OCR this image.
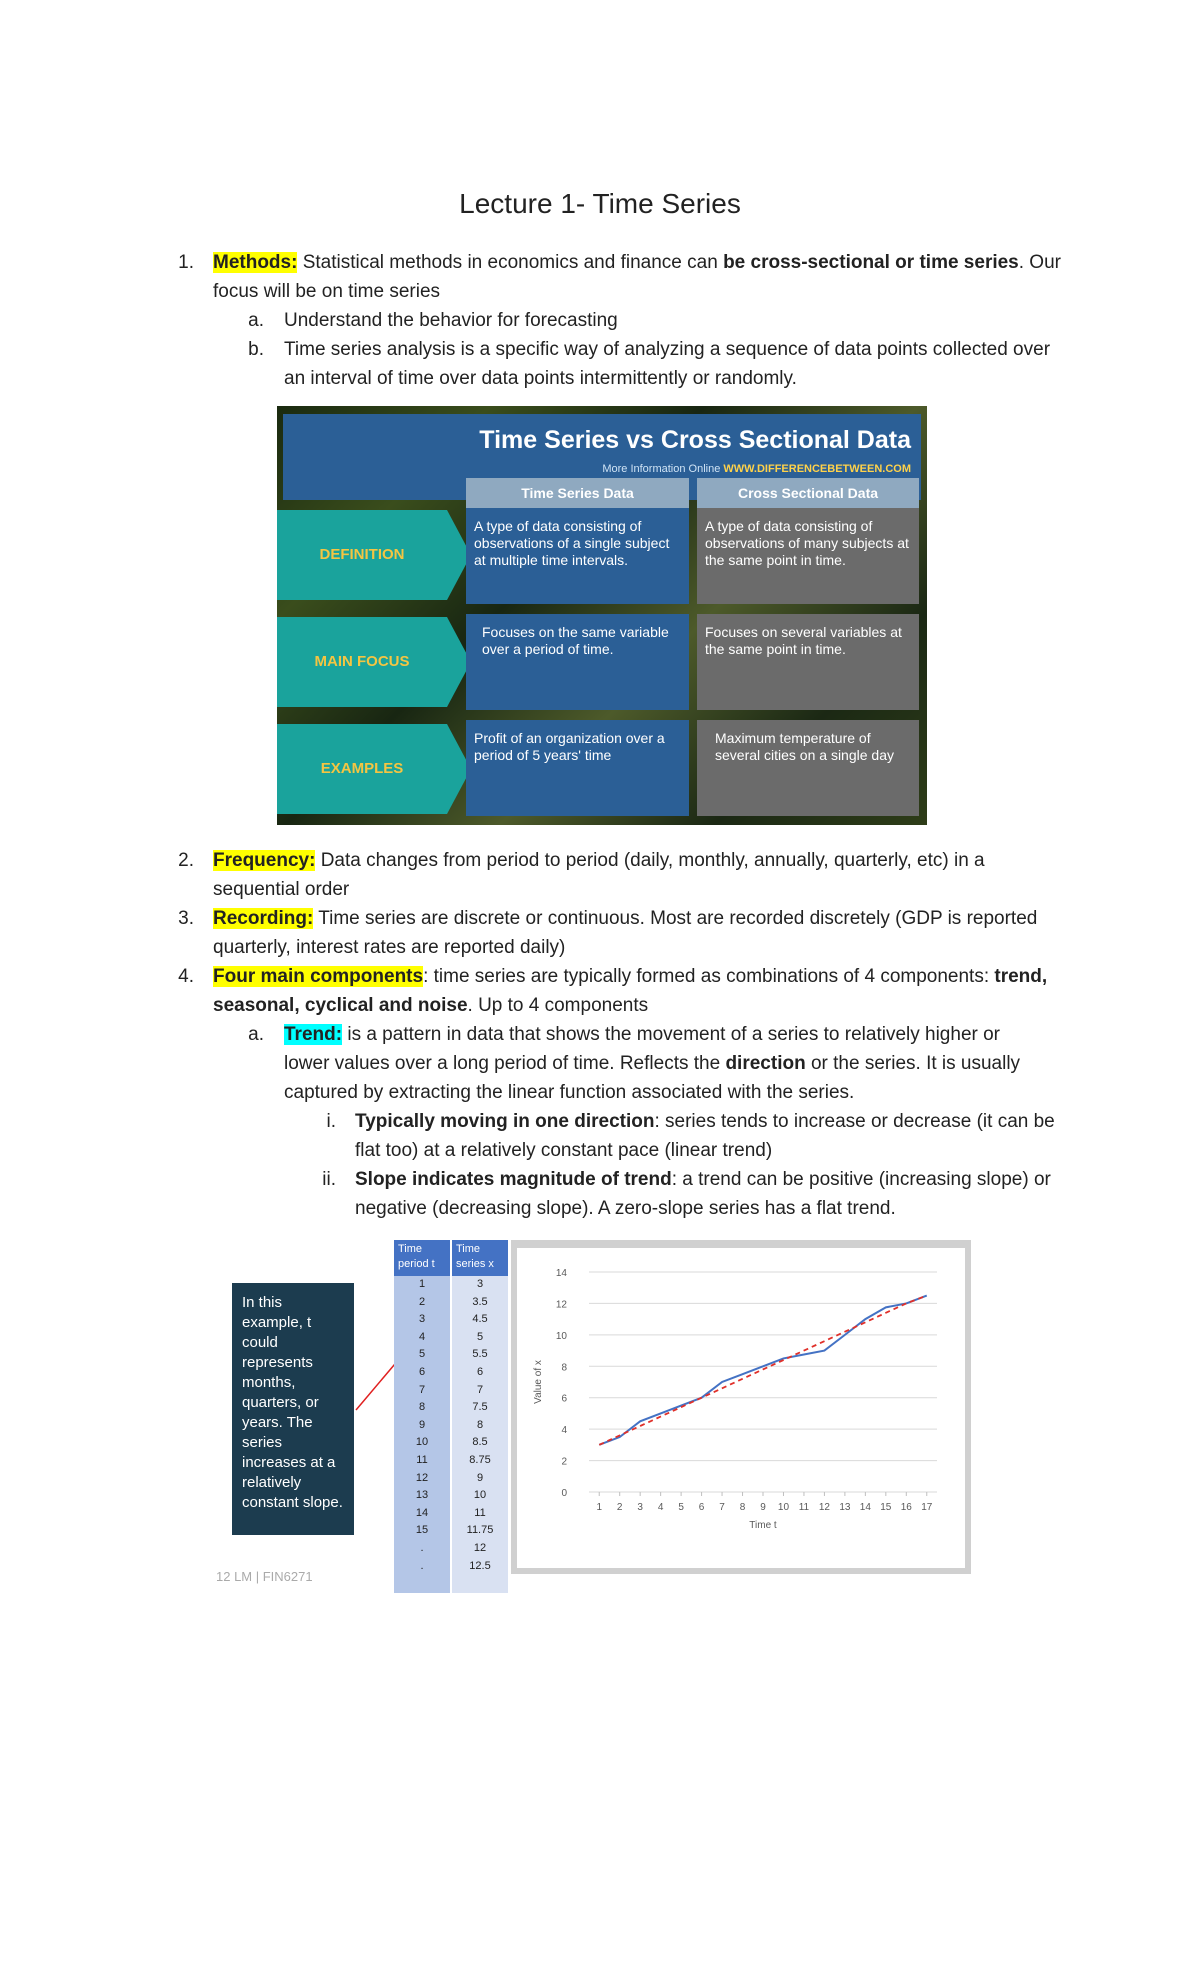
Lecture 1- Time Series
1. Methods: Statistical methods in economics and finance can be cross-sectional or time series. Our
focus will be on time series
a. Understand the behavior for forecasting
b. Time series analysis is a specific way of analyzing a sequence of data points collected over
an interval of time over data points intermittently or randomly.
Time Series vs Cross Sectional Data
More Information Online WWW.DIFFERENCEBETWEEN.COM
Time Series Data	Cross Sectional Data
DEFINITION
A type of data consisting of observations of a single subject at multiple time intervals.
A type of data consisting of observations of many subjects at the same point in time.
MAIN FOCUS
Focuses on the same variable over a period of time.
Focuses on several variables at the same point in time.
EXAMPLES
Profit of an organization over a period of 5 years' time
Maximum temperature of several cities on a single day
2. Frequency: Data changes from period to period (daily, monthly, annually, quarterly, etc) in a
sequential order
3. Recording: Time series are discrete or continuous. Most are recorded discretely (GDP is reported
quarterly, interest rates are reported daily)
4. Four main components: time series are typically formed as combinations of 4 components: trend,
seasonal, cyclical and noise. Up to 4 components
a. Trend: is a pattern in data that shows the movement of a series to relatively higher or
lower values over a long period of time. Reflects the direction or the series. It is usually
captured by extracting the linear function associated with the series.
i. Typically moving in one direction: series tends to increase or decrease (it can be
flat too) at a relatively constant pace (linear trend)
ii. Slope indicates magnitude of trend: a trend can be positive (increasing slope) or
negative (decreasing slope). A zero-slope series has a flat trend.
In this example, t could represents months, quarters, or years. The series increases at a relatively constant slope.
Time period t
1
2
3
4
5
6
7
8
9
10
11
12
13
14
15
.
.
Time series x
3
3.5
4.5
5
5.5
6
7
7.5
8
8.5
8.75
9
10
11
11.75
12
12.5
0
2
4
6
8
10
12
14
1 2 3 4 5 6 7 8 9 10 11 12 13 14 15 16 17
Time t
Value of x
12 LM | FIN6271
